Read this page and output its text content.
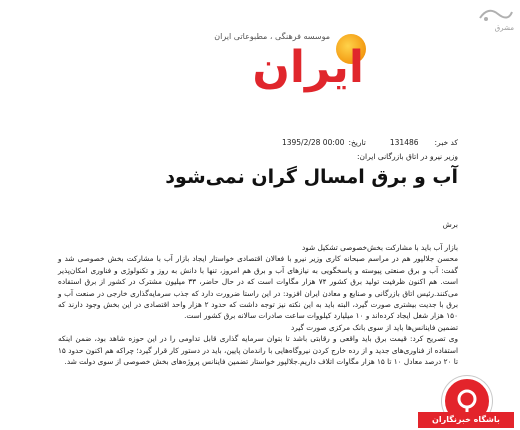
مشرق
موسسه فرهنگی ، مطبوعاتی ایران
ایران
کد خبر:131486تاریخ:1395/2/28 00:00
وزیر نیرو در اتاق بازرگانی ایران:
آب و برق امسال گران نمی‌شود
برش

بازار آب باید با مشارکت بخش‌خصوصی تشکیل شود

محسن جلالپور هم در مراسم صبحانه کاری وزیر نیرو با فعالان اقتصادی خواستار ایجاد بازار آب با مشارکت بخش خصوصی شد و گفت: آب و برق صنعتی پیوسته و پاسخگویی به نیازهای آب و برق هم امروز، تنها با دانش به روز و تکنولوژی و فناوری امکان‌پذیر است. هم اکنون ظرفیت تولید برق کشور ۷۴ هزار مگاوات است که در حال حاضر، ۳۳ میلیون مشترک در کشور از برق استفاده می‌کنند.رئیس اتاق بازرگانی و صنایع و معادن ایران افزود: در این راستا ضرورت دارد که جذب سرمایه‌گذاری خارجی در صنعت آب و برق با جدیت بیشتری صورت گیرد، البته باید به این نکته نیز توجه داشت که حدود ۲ هزار واحد اقتصادی در این بخش وجود دارند که ۱۵۰ هزار شغل ایجاد کرده‌اند و ۱۰ میلیارد کیلووات ساعت صادرات سالانه برق کشور است.

تضمین فاینانس‌ها باید از سوی بانک مرکزی صورت گیرد

وی تصریح کرد: قیمت برق باید واقعی و رقابتی باشد تا بتوان سرمایه گذاری قابل تداومی را در این حوزه شاهد بود، ضمن اینکه استفاده از فناوری‌های جدید و از رده خارج کردن نیروگاه‌هایی با راندمان پایین، باید در دستور کار قرار گیرد؛ چراکه هم اکنون حدود ۱۵ تا ۲۰ درصد معادل ۱۰ تا ۱۵ هزار مگاوات اتلاف داریم.جلالپور خواستار تضمین فاینانس پروژه‌های بخش خصوصی از سوی دولت شد.

باشگاه خبرنگاران
